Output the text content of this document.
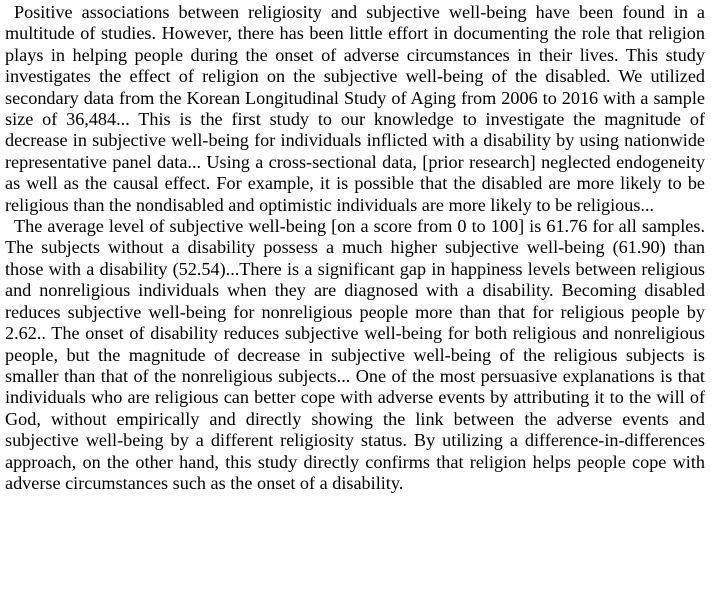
Positive associations between religiosity and subjective well-being have been found in a multitude of studies. However, there has been little effort in documenting the role that religion plays in helping people during the onset of adverse circumstances in their lives. This study investigates the effect of religion on the subjective well-being of the disabled. We utilized secondary data from the Korean Longitudinal Study of Aging from 2006 to 2016 with a sample size of 36,484... This is the first study to our knowledge to investigate the magnitude of decrease in subjective well-being for individuals inflicted with a disability by using nationwide representative panel data... Using a cross-sectional data, [prior research] neglected endogeneity as well as the causal effect. For example, it is possible that the disabled are more likely to be religious than the nondisabled and optimistic individuals are more likely to be religious...

The average level of subjective well-being [on a score from 0 to 100] is 61.76 for all samples. The subjects without a disability possess a much higher subjective well-being (61.90) than those with a disability (52.54)...There is a significant gap in happiness levels between religious and nonreligious individuals when they are diagnosed with a disability. Becoming disabled reduces subjective well-being for nonreligious people more than that for religious people by 2.62.. The onset of disability reduces subjective well-being for both religious and nonreligious people, but the magnitude of decrease in subjective well-being of the religious subjects is smaller than that of the nonreligious subjects... One of the most persuasive explanations is that individuals who are religious can better cope with adverse events by attributing it to the will of God, without empirically and directly showing the link between the adverse events and subjective well-being by a different religiosity status. By utilizing a difference-in-differences approach, on the other hand, this study directly confirms that religion helps people cope with adverse circumstances such as the onset of a disability.
